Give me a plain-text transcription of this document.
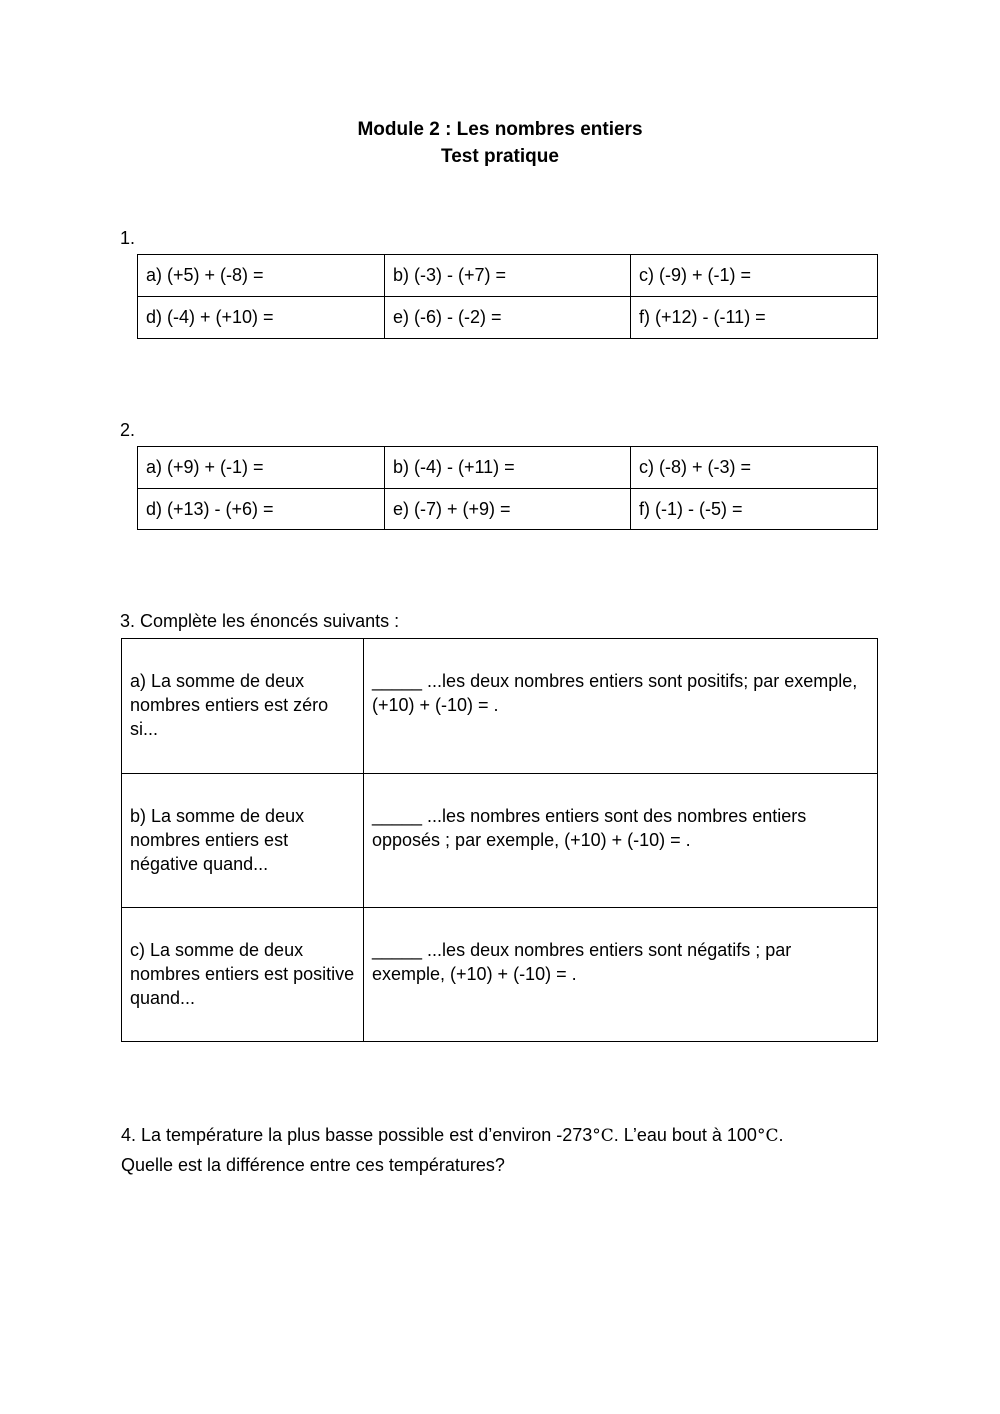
Module 2 : Les nombres entiers
Test pratique
1.
a) (+5) + (-8) =	b) (-3) - (+7) =	c) (-9) + (-1) =
d) (-4) + (+10) =	e) (-6) - (-2) =	f) (+12) - (-11) =
2.
a) (+9) + (-1) =	b) (-4) - (+11) =	c) (-8) + (-3) =
d) (+13) - (+6) =	e) (-7) + (+9) =	f) (-1) - (-5) =
3. Complète les énoncés suivants :
a) La somme de deux nombres entiers est zéro si...	_____ ...les deux nombres entiers sont positifs; par exemple, (+10) + (-10) = .
b) La somme de deux nombres entiers est négative quand...	_____ ...les nombres entiers sont des nombres entiers opposés ; par exemple, (+10) + (-10) = .
c) La somme de deux nombres entiers est positive quand...	_____ ...les deux nombres entiers sont négatifs ; par exemple, (+10) + (-10) = .
4. La température la plus basse possible est d’environ -273°C. L’eau bout à 100°C.
Quelle est la différence entre ces températures?
